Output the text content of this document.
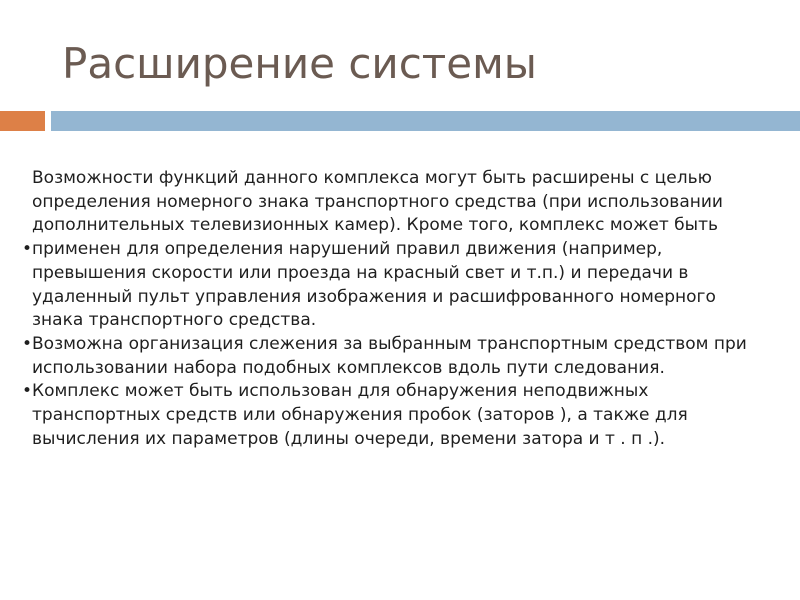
Расширение системы

Возможности функций данного комплекса могут быть расширены с целью определения номерного знака транспортного средства (при использовании дополнительных телевизионных камер). Кроме того, комплекс может быть

• применен для определения нарушений правил движения (например, превышения скорости или проезда на красный свет и т.п.) и передачи в удаленный пульт управления изображения и расшифрованного номерного знака транспортного средства.

• Возможна организация слежения за выбранным транспортным средством при использовании набора подобных комплексов вдоль пути следования.

• Комплекс может быть использован для обнаружения неподвижных транспортных средств или обнаружения пробок (заторов ), а также для вычисления их параметров (длины очереди, времени затора и т . п .).
